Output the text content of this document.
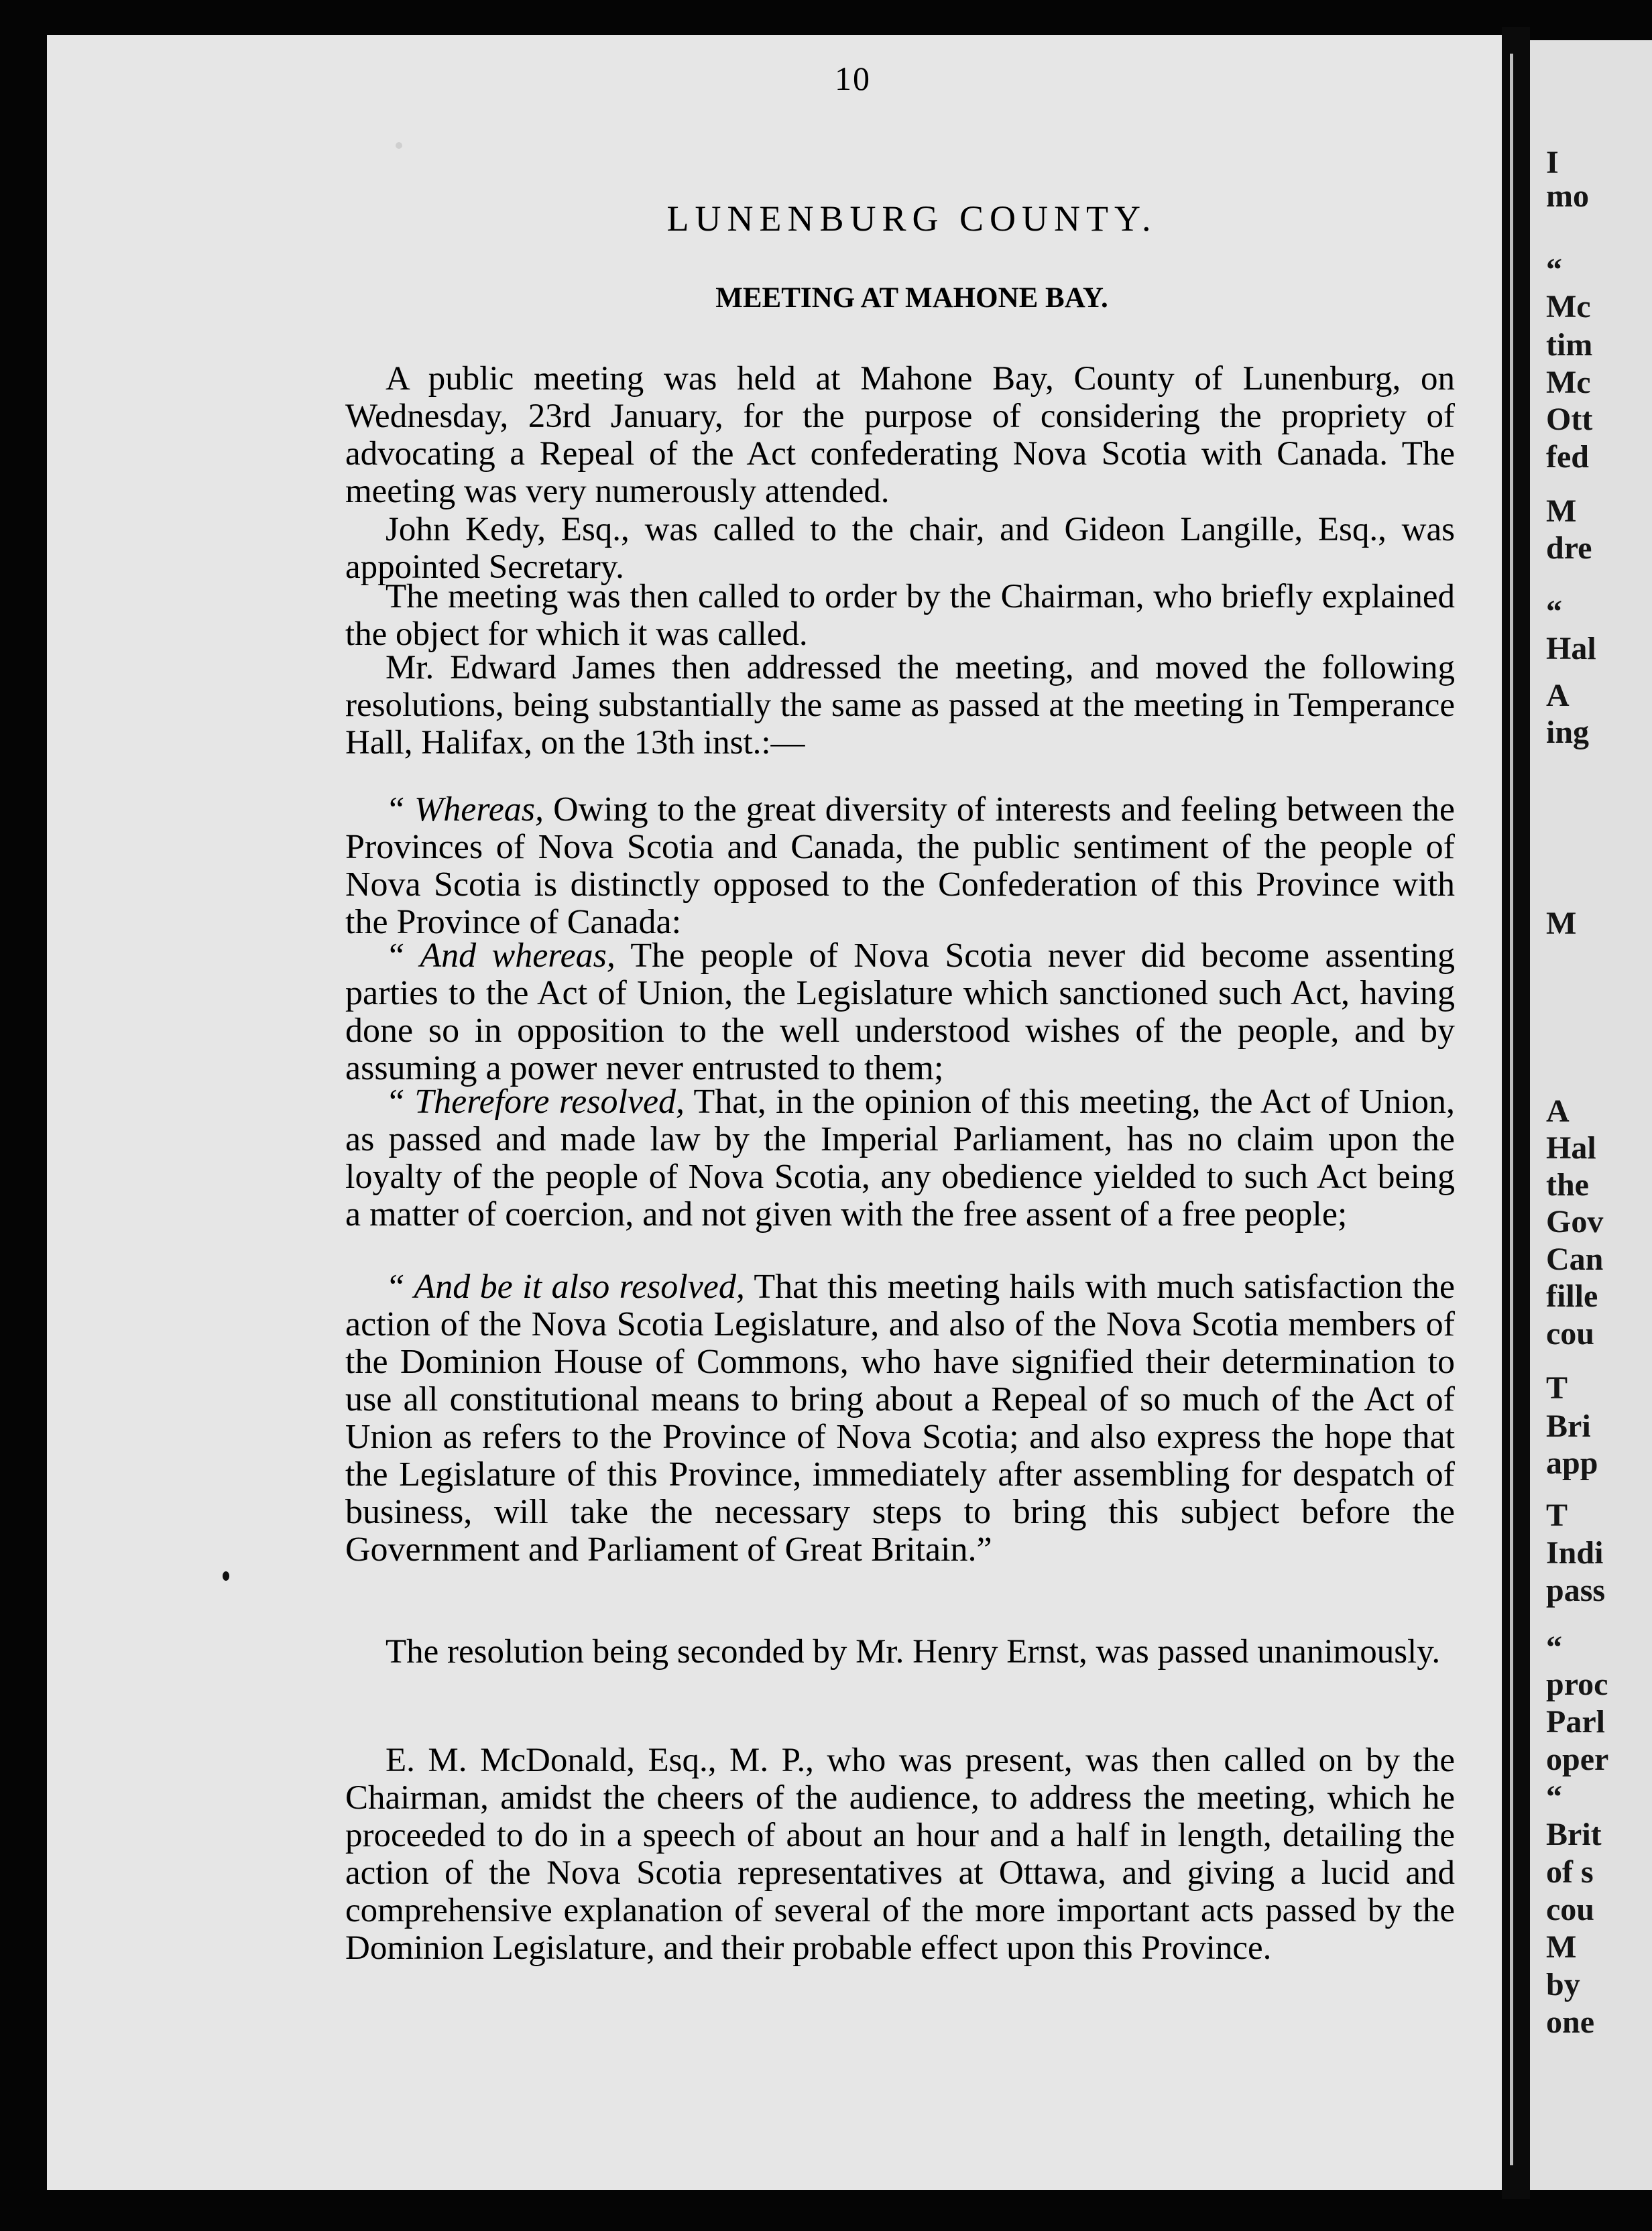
10
LUNENBURG COUNTY.
MEETING AT MAHONE BAY.

A public meeting was held at Mahone Bay, County of Lunenburg, on Wednesday, 23rd January, for the purpose of considering the propriety of advocating a Repeal of the Act confederating Nova Scotia with Canada. The meeting was very numerously attended.

John Kedy, Esq., was called to the chair, and Gideon Langille, Esq., was appointed Secretary.

The meeting was then called to order by the Chairman, who briefly explained the object for which it was called.

Mr. Edward James then addressed the meeting, and moved the following resolutions, being substantially the same as passed at the meeting in Temperance Hall, Halifax, on the 13th inst.:—

“ Whereas, Owing to the great diversity of interests and feeling between the Provinces of Nova Scotia and Canada, the public sentiment of the people of Nova Scotia is distinctly opposed to the Confederation of this Province with the Province of Canada:

“ And whereas, The people of Nova Scotia never did become assenting parties to the Act of Union, the Legislature which sanctioned such Act, having done so in opposition to the well understood wishes of the people, and by assuming a power never entrusted to them;

“ Therefore resolved, That, in the opinion of this meeting, the Act of Union, as passed and made law by the Imperial Parliament, has no claim upon the loyalty of the people of Nova Scotia, any obedience yielded to such Act being a matter of coercion, and not given with the free assent of a free people;

“ And be it also resolved, That this meeting hails with much satisfaction the action of the Nova Scotia Legislature, and also of the Nova Scotia members of the Dominion House of Commons, who have signified their determination to use all constitutional means to bring about a Repeal of so much of the Act of Union as refers to the Province of Nova Scotia; and also express the hope that the Legislature of this Province, immediately after assembling for despatch of business, will take the necessary steps to bring this subject before the Government and Parliament of Great Britain.”

The resolution being seconded by Mr. Henry Ernst, was passed unanimously.

E. M. McDonald, Esq., M. P., who was present, was then called on by the Chairman, amidst the cheers of the audience, to address the meeting, which he proceeded to do in a speech of about an hour and a half in length, detailing the action of the Nova Scotia representatives at Ottawa, and giving a lucid and comprehensive explanation of several of the more important acts passed by the Dominion Legislature, and their probable effect upon this Province.

I
mo
“
Mc
tim
Mc
Ott
fed
M
dre
“
Hal
A
ing
M
A
Hal
the
Gov
Can
fille
cou
T
Bri
app
T
Indi
pass
“
proc
Parl
oper
“
Brit
of s
cou
M
by
one
